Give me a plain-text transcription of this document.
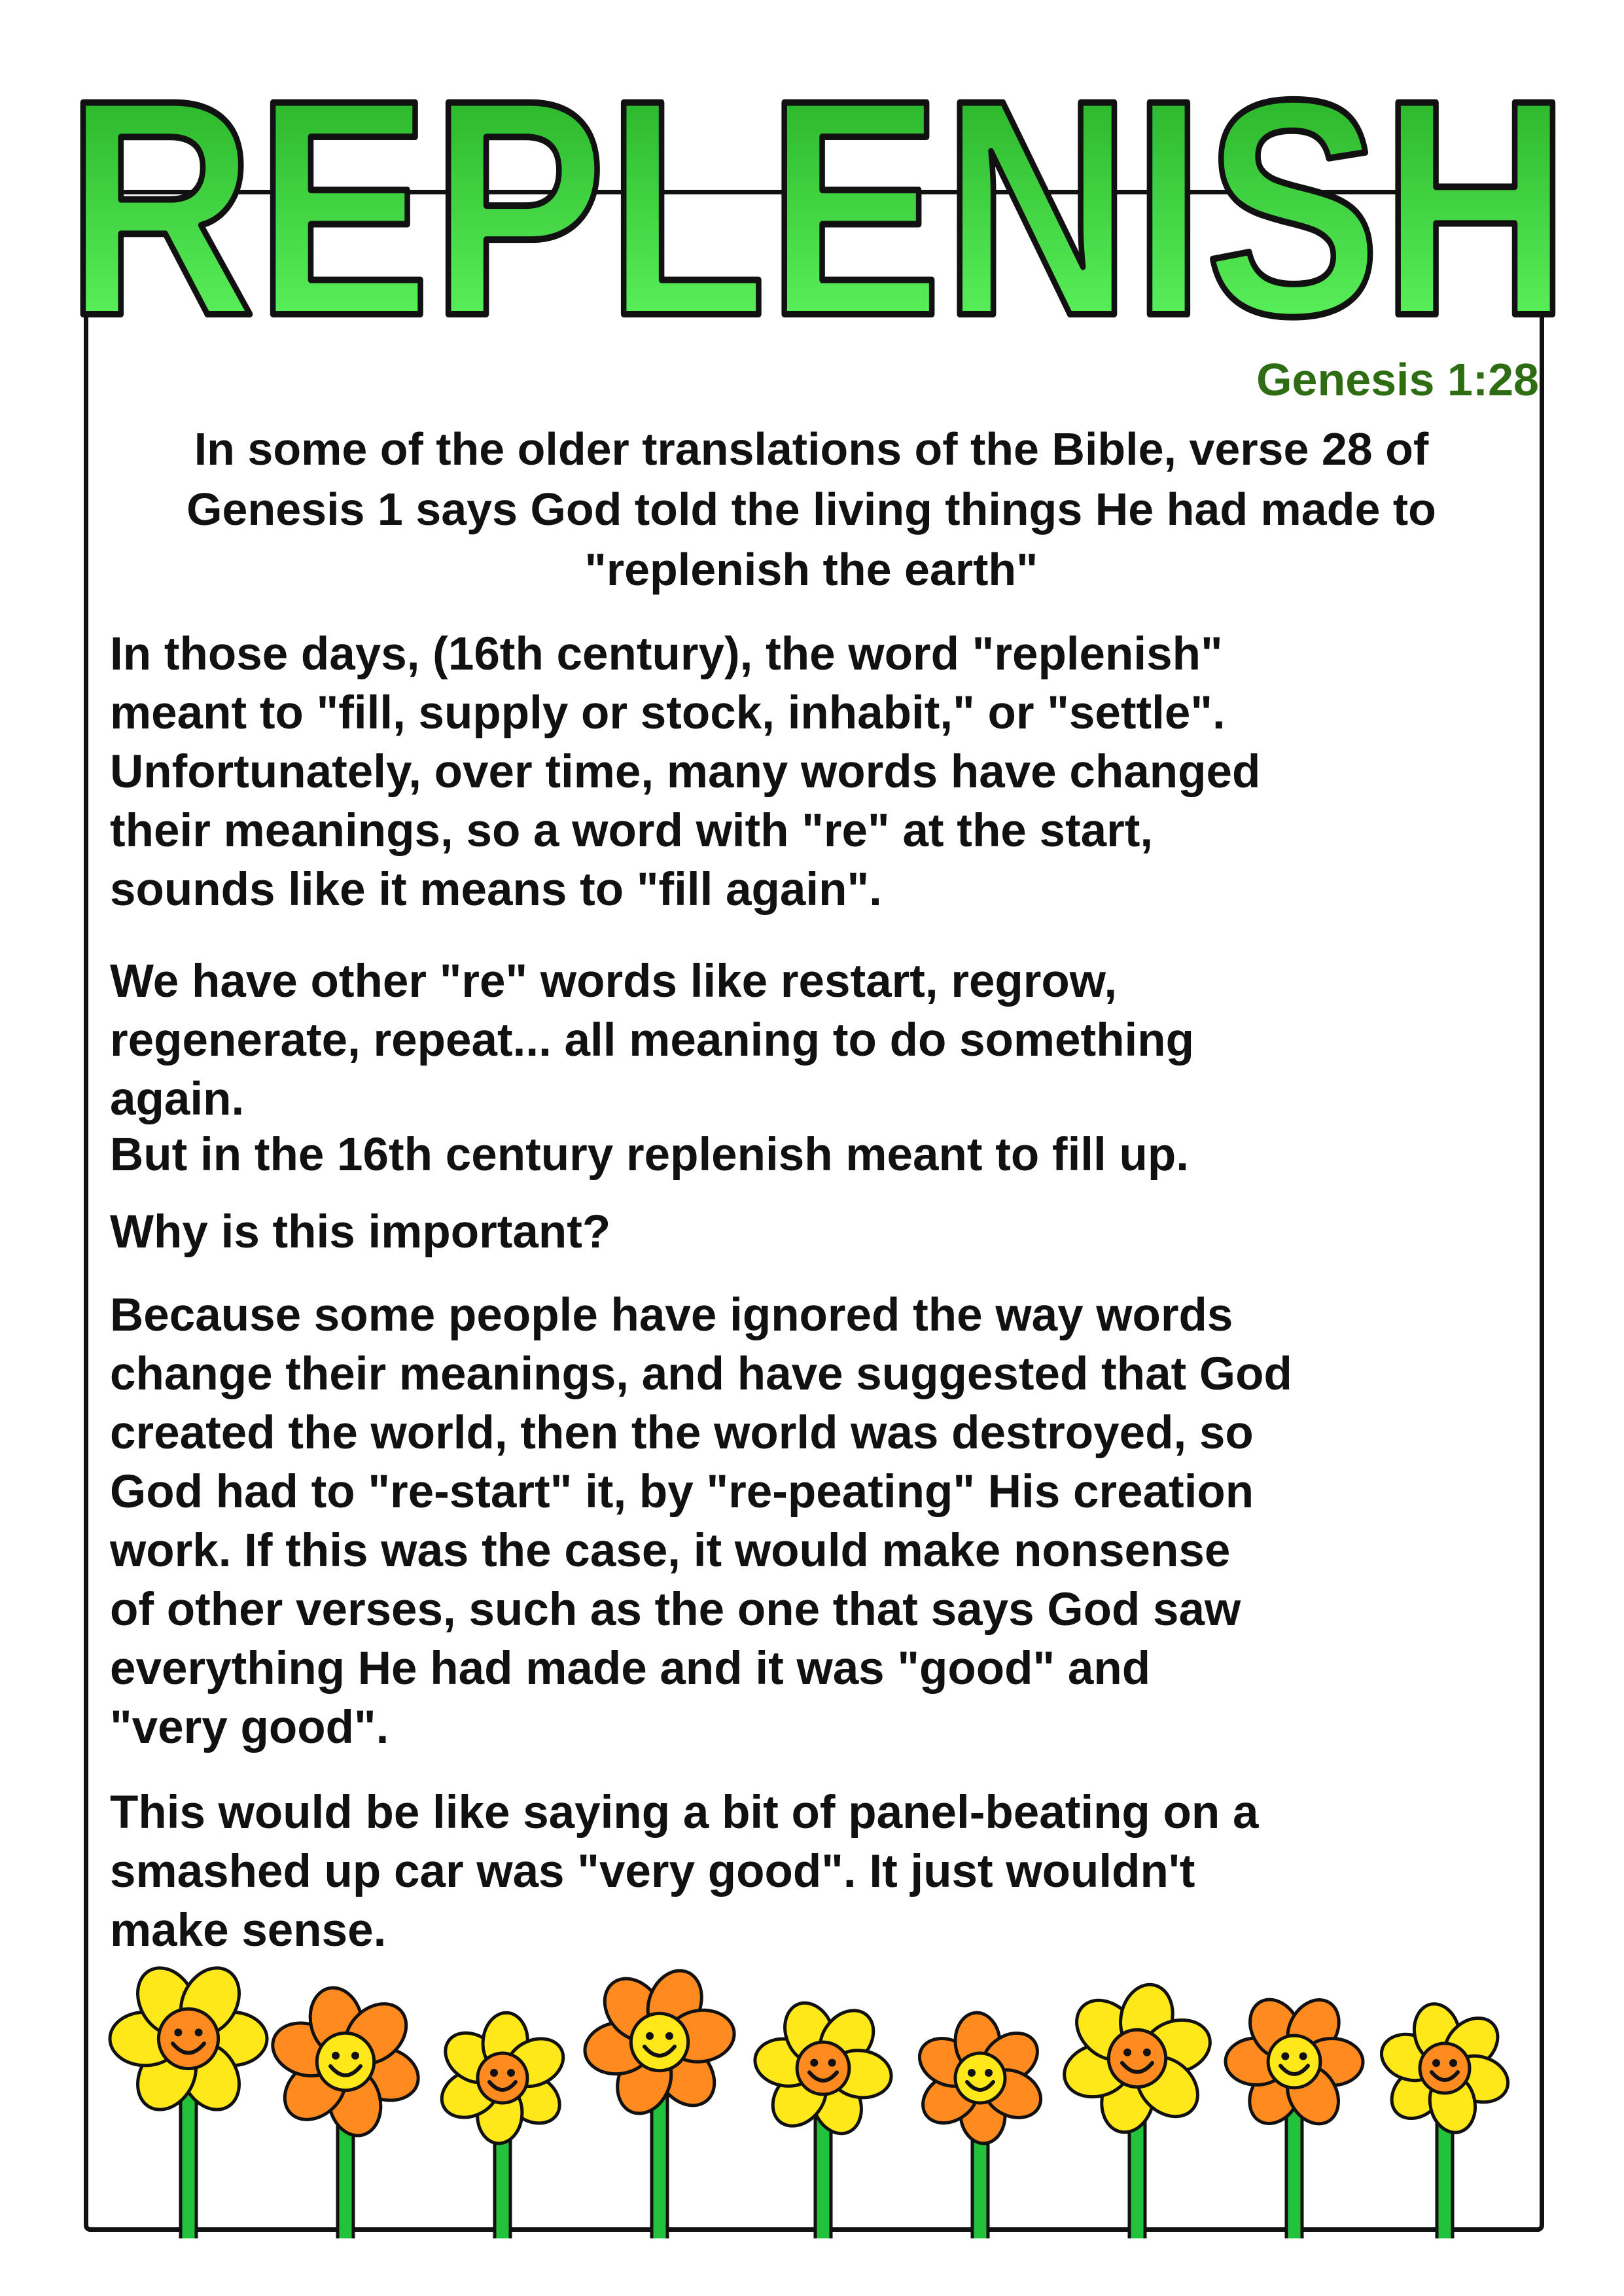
REPLENISH
Genesis 1:28
In some of the older translations of the Bible, verse 28 of Genesis 1 says God told the living things He had made to "replenish the earth"
In those days, (16th century), the word "replenish"
meant to "fill, supply or stock, inhabit," or "settle".
Unfortunately, over time, many words have changed
their meanings, so a word with "re" at the start,
sounds like it means to "fill again".
We have other "re" words like restart, regrow,
regenerate, repeat... all meaning to do something
again.
But in the 16th century replenish meant to fill up.
Why is this important?
Because some people have ignored the way words
change their meanings, and have suggested that God
created the world, then the world was destroyed, so
God had to "re-start" it, by "re-peating" His creation
work. If this was the case, it would make nonsense
of other verses, such as the one that says God saw
everything He had made and it was "good" and
"very good".
This would be like saying a bit of panel-beating on a
smashed up car was "very good". It just wouldn't
make sense.
